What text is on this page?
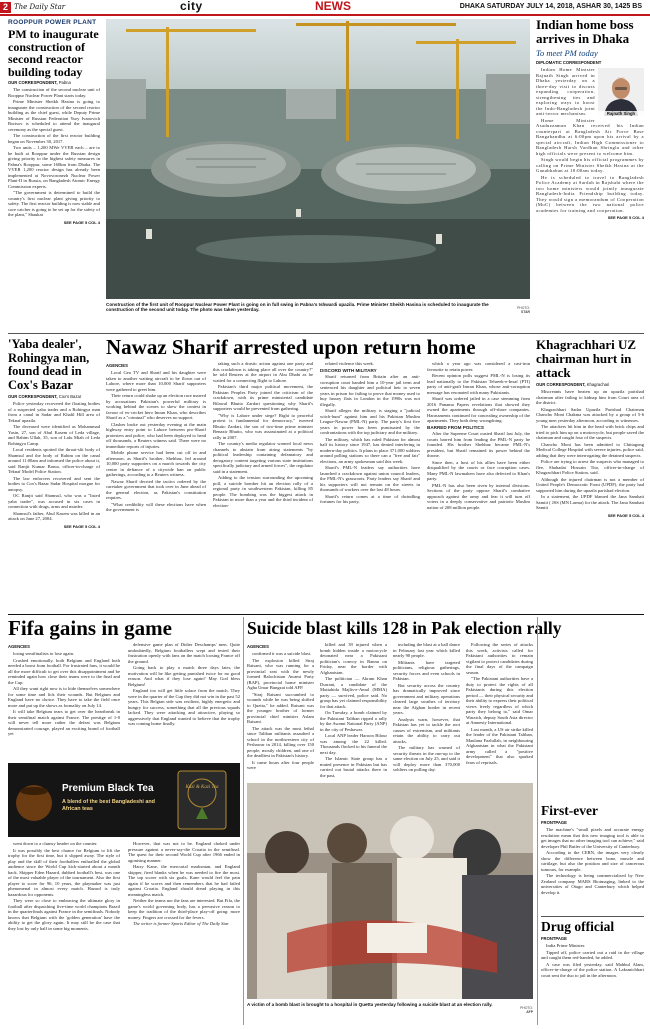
2 The Daily Star	city	NEWS	DHAKA SATURDAY JULY 14, 2018, ASHAR 30, 1425 BS
ROOPPUR POWER PLANT
PM to inaugurate construction of second reactor building today
OUR CORRESPONDENT, Pabna

The construction of the second nuclear unit of Rooppur Nuclear Power Plant starts today.

Prime Minister Sheikh Hasina is going to inaugurate the construction of the second reactor building as the chief guest, while Deputy Prime Minister of Russian Federation Yury Ivanovich Borisov is scheduled to attend the inaugural ceremony as the special guest.

The construction of the first reactor building began on November 30, 2017.

Two units – 1,200 MWe VVER each – are to be built at Rooppur under the Russian design giving priority to the highest safety measures in Pabna's Rooppur, some 160km from Dhaka. The VVER 1,200 reactor design has already been implemented at Novovoronezh Nuclear Power Plant-II in Russia, on Bangladesh Atomic Energy Commission experts.

"The government is determined to build the country's first nuclear plant giving priority to safety. The first reactor building is now stable and core catcher is going to be set up for the safety of the plant," Shaukat

SEE PAGE 5 COL 4
Construction of the first unit of Rooppur Nuclear Power Plant is going on in full swing in Pabna's Ishwardi upazila. Prime Minister Sheikh Hasina is scheduled to inaugurate the construction of the second unit today. The photo was taken yesterday.	PHOTO:
STAR
Indian home boss arrives in Dhaka
To meet PM today
DIPLOMATIC CORRESPONDENT
Rajnath Singh

Indian Home Minister Rajnath Singh arrived in Dhaka yesterday on a three-day visit to discuss expanding cooperation, strengthening ties and exploring ways to boost the Indo-Bangladesh joint anti-terror mechanism.

Home Minister Asaduzzaman Khan received his Indian counterpart at Bangladesh Air Force Base Bangabandhu at 6:00pm upon his arrival by a special aircraft, Indian High Commissioner to Bangladesh Harsh Vardhan Shringla and other high officials were present to welcome him.

Singh would begin his official programmes by calling on Prime Minister Sheikh Hasina at the Ganabhaban at 10:00am today.

He is scheduled to travel to Bangladesh Police Academy at Sardah in Rajshahi where the two home ministers would jointly inaugurate Bangladesh-India Friendship building today. They would sign a memorandum of Cooperation (MoC) between the two national police academies for training and cooperation.

SEE PAGE 5 COL 4
'Yaba dealer', Rohingya man, found dead in Cox's Bazar
OUR CORRESPONDENT, Cox's Bazar

Police yesterday recovered the floating bodies of a suspected yaba trader and a Rohingya man from a canal in Sadar and Khalil Hill area of Teknaf upazila.

The deceased were identified as Mohammad Yasin, 27, son of Abul Kasem of Leda village, and Rahim Ullah, 35, son of Lalu Miah of Leda Rohingya Camp.

Local residents spotted the throat-slit body of Shamsul and the body of Rahim on the canal around 11:00am and informed the police about it, said Ranjit Kumar Barua, officer-in-charge of Teknaf Model Police Station.

The law enforcers recovered and sent the bodies to Cox's Bazar Sadar Hospital morgue for autopsy.

OC Ranjit said Shamsul, who was a "listed yaba trader", was accused in six cases in connection with drugs, arms and murder.

Shamsul's father, Abul Kasem was killed in an attack on June 27, 2004.

SEE PAGE 5 COL 4
Nawaz Sharif arrested upon return home
AGENCIES

Local Geo TV and Sharif and his daughter were taken to another waiting aircraft to be flown out of Lahore, where more than 10,000 Sharif supporters were gathered to greet him.

Their return could shake up an election race marred by accusations Pakistan's powerful military is working behind the scenes to skew the contest in favour of ex-cricket hero Imran Khan, who describes Sharif as a "criminal" who deserves no support.

Clashes broke out yesterday evening at the main highway entry point to Lahore between pro-Sharif protesters and police, who had been deployed to head off thousands, a Reuters witness said. There were no immediate reports of injuries.

Mobile phone service had been cut off in and afternoon, as Sharif's brother, Shehbaz, led around 10,000 party supporters on a march towards the city centre in defiance of a citywide ban on public gatherings, according to a Reuters witness.

Nawaz Sharif decried the tactics ordered by the caretaker government that took over in June ahead of the general election, as Pakistan's constitution requires.

"What credibility will these elections have when the government is

taking such a drastic action against one party and this crackdown is taking place all over the country?" he told Reuters at the airport in Abu Dhabi as he waited for a connecting flight to Lahore.

Pakistan's third major political movement, the Pakistan Peoples Party joined the criticism of the crackdown, with its prime ministerial candidate Bilawal Bhutto Zardari questioning why Sharif's supporters would be prevented from gathering.

"Why is Lahore under siege? Right to peaceful protest is fundamental for democracy," tweeted Bhutto Zardari, the son of two-time prime minister Benazir Bhutto, who was assassinated at a political rally in 2007.

The country's media regulator warned local news channels to abstain from airing statements "by political leadership containing defamatory and derogatory content targeting various state institutions specifically judiciary and armed forces", the regulator said in a statement.

Adding to the tension surrounding the upcoming poll, a suicide bomber hit an election rally of a regional party in southwestern Pakistan, killing 85 people. The bombing was the biggest attack in Pakistan in more than a year and the third incident of election-

related violence this week.

DISCORD WITH MILITARY

Sharif returned from Britain after an anti-corruption court handed him a 10-year jail term and sentenced his daughter and political heir to seven years in prison for failing to prove that money used to buy luxury flats in London in the 1990s was not illegally.

Sharif alleges the military is staging a "judicial witch-hunt" against him and his Pakistan Muslim League-Nawaz (PML-N) party. The party's first five years in power has been punctuated by the confrontations with the top judiciary and the military.

The military, which has ruled Pakistan for almost half its history since 1947, has denied interfering in modern-day politics. It plans to place 371,000 soldiers around polling stations so there can a "free and fair" elections, an army spokesman said this week.

Sharif's PML-N leaders say authorities have launched a crackdown against union council leaders, the PML-N's grassroots. Party leaders say Sharif and his supporters will not remain on the streets in thousands of workers over the last 48 hours.

Sharif's return comes at a time of dwindling fortunes for his party,

which a year ago was considered a cast-iron favourite to retain power.

Recent opinion polls suggest PML-N is losing its lead nationally to the Pakistan Tehreek-e-Insaf (PTI) party of anti-graft Imran Khan, whose anti-corruption message has resonated with many Pakistanis.

Sharif was ordered jailed in a case stemming from 2016 Panama Papers revelations that showed they owned the apartments through off-shore companies. Harassments continued for concealing ownership of the apartments. They both deny wrongdoing.

BARRED FROM POLITICS

After the Supreme Court ousted Sharif last July, the courts barred him from leading the PML-N party he founded. His brother Shehbaz became PML-N's president, but Sharif remained its power behind the throne.

Since then, a host of his allies have been either disqualified by the courts or face corruption cases. Many PML-N lawmakers have also defected to Khan's party.

PML-N has also been riven by internal divisions. Sections of the party oppose Sharif's combative approach against the army and fear it will turn off voters in a deeply conservative and patriotic Muslim nation of 208 million people.

Khagrachhari UZ chairman hurt in attack
OUR CORRESPONDENT, Khagrachari

Miscreants have beaten up an upazila parishad chairman after failing to kidnap him from Court area of the district.

Khagrachhari Sadar Upazila Parishad Chairman Chancho Moni Chakma was attacked by a group of 5-6 young men yesterday afternoon, according to witnesses.

The attackers hit him in the head with brick chips and tried to pick him up on a motorcycle, but people saved the chairman and caught four of the suspects.

Chancho Moni has been admitted to Chittagong Medical College Hospital with severe injuries, police said, adding that they were interrogating the detained suspects.

Police are trying to arrest the suspects who managed to flee, Shahadat Hossain Tito, officer-in-charge of Khagrachhari Police Station, said.

Although the injured chairman is not a member of United People's Democratic Front (UPDF), the party had supported him during the upazila parishad election.

In a statement, the UPDF blamed the Jana Samhati Samiti ( JSS (MN Larma) for the attack. The Jana Samhati Samiti

SEE PAGE 5 COL 4
Fifa gains in game
AGENCIES

losing semifinalists to lose again.

Crushed emotionally, both Belgium and England both needed a boost from football. For frustrated fans, it would be all the more difficult to get over this disappointment and be reminded again how close their teams were to the final and the Cup.

All they want right now is to hide themselves somewhere for some time and lick their wounds. But Belgium and England have no choice. They have to take the field once more and put up the shows as formality on July 14.

It will take Belgium tears to get over the heartbreak in their semifinal match against France. The prestige of 1-0 will never tell more rather the defeat was Belgium demonstrated courage, played an exciting brand of football yet

defensive game plan of Didier Deschamps' men. Quite undoubtedly, Belgium footballers wept and tested their frustration openly with fans on the match loosing France off the ground.

Going back to play a match three days later, the motivation will be like getting punished twice for no good reason. And what if they lose again? May God bless Belgium!

England too will get little solace from the match. They were in the quarter of the Cup they did not win in the past 52 years. This Belgian side was resilient, highly energetic and hungry for success, something that all the previous squads lacked. They were attacking and attractive, playing so aggressively that England wanted to believe that the trophy was coming home finally.

Premium Black Tea
A blend of the best Bangladeshi and African teas
Kazi & Kazi Tea

went down to a clumsy header on the counter.

It was possibly the best chance for Belgium to lift the trophy for the first time, but it slipped away. The style of play and the skill of their footballers enthralled the global audience since the World Cup kick-started about a month back. Skipper Eden Hazard, dubbed football's best, was one of the most valuable player of the tournament. Also the first player to score for 96, 10 years, the playmaker was just phenomenal in almost every match. Hazard is truly hazardous for opponents.

They were so close to embracing the ultimate glory in football after dispatching five-time world champions Brazil in the quarterfinals against France in the semifinals. Nobody knows that Belgium with the 'golden generation' have the ability to get the glory again. It may still be the case that they lost by only half in some big moments.

However, that was not to be. England choked under pressure against a never-say-die Croatia in the semifinal. The quest for their second World Cup after 1966 ended in agonising manner.

Harry Kane, the mercurial marksman, and England skipper, fired blanks when he was needed to fire the most. The top scorer with six goals, Kane would feel the pain again if he scores and then remembers that he had failed against Croatia. England should dread playing in this meaningless match.

Neither the teams nor the fans are interested. But Fifa, the game's world governing body, has a pervasive reason to keep the tradition of the third-place play-off going: more money. Fingers are crossed for the fevers.

The writer is former Sports Editor of The Daily Star

Suicide blast kills 128 in Pak election rally
AGENCIES

confirmed it was a suicide blast.

The explosion killed Siraj Raisani, who was running for a provincial seat with the newly formed Balochistan Awami Party (BAP), provincial home minister Agha Umar Bungzai told AFP.

"Siraj Raisani succumbed to wounds while he was being shifted to Quetta," he added. Raisani was the younger brother of former provincial chief minister Aslam Raisani.

The attack was the most lethal since Taliban militants assaulted a school in the northwestern city of Peshawar in 2014, killing over 150 people, mostly children, and one of the deadliest in Pakistan's history.

It came hours after four people were

killed and 39 injured when a bomb hidden inside a motorcycle detonated near a Pakistani politician's convoy in Bannu on Friday, near the border with Afghanistan.

The politician — Akram Khan Durrani, a candidate of the Muttahida Majlis-e-Amal (MMA) party — survived, police said. No group has yet claimed responsibility for that attack.

On Tuesday, a bomb claimed by the Pakistani Taliban ripped a rally by the Awami National Party (ANP) in the city of Peshawar.

Local ANP leader Haroon Bilour was among the 22 killed. Thousands flocked to his funeral the next day.

The Islamic State group has a muted presence in Pakistan but has carried out brutal attacks there in the past,

including the blast at a ball dance in February last year which killed nearly 90 people.

Militants have targeted politicians, religious gatherings, security forces and even schools in Pakistan.

But security across the country has dramatically improved since government and military operations cleared large swathes of territory near the Afghan border in recent years.

Analysts warn, however, that Pakistan has yet to tackle the root causes of extremism, and militants retain the ability to carry out attacks.

The military has warned of security threats in the run-up to the same election on July 25, and said it will deploy more than 370,000 soldiers on polling day.

Following the series of attacks this week, activists called for Pakistani authorities to remain vigilant to protect candidates during the final days of the campaign season.

"The Pakistani authorities have a duty to protect the rights of all Pakistanis during this election period — their physical security and their ability to express their political views freely regardless of which party they belong to," said Omar Waraich, deputy South Asia director at Amnesty International.

Last month, a US air strike killed the leader of the Pakistani Taliban, Maulana Fazlullah, in neighbouring Afghanistan in what the Pakistani army called a "positive development" that also sparked fears of reprisals.

A victim of a bomb blast is brought to a hospital in Quetta yesterday following a suicide blast at an election rally.
PHOTO:
AFP
First-ever
FRONTPAGE

The machine's "small pixels and accurate energy resolution mean that this new imaging tool is able to get images that no other imaging tool can achieve," said developer Phil Butler of the University of Canterbury.

According to the CERN, the images very clearly show the difference between bone, muscle and cartilage, but also the position and size of cancerous tumours, for example.

The technology is being commercialised by New Zealand company MARS Bioimaging, linked to the universities of Otago and Canterbury which helped develop it.

Drug official
FRONTPAGE

India Prime Minister.

Tipped off, police carried out a raid in the village and caught them red-handed, he added.

A case was filed yesterday, said Mahbul Alam, officer-in-charge of the police station. A Laksmichhari court sent the duo to jail in the afternoon.
